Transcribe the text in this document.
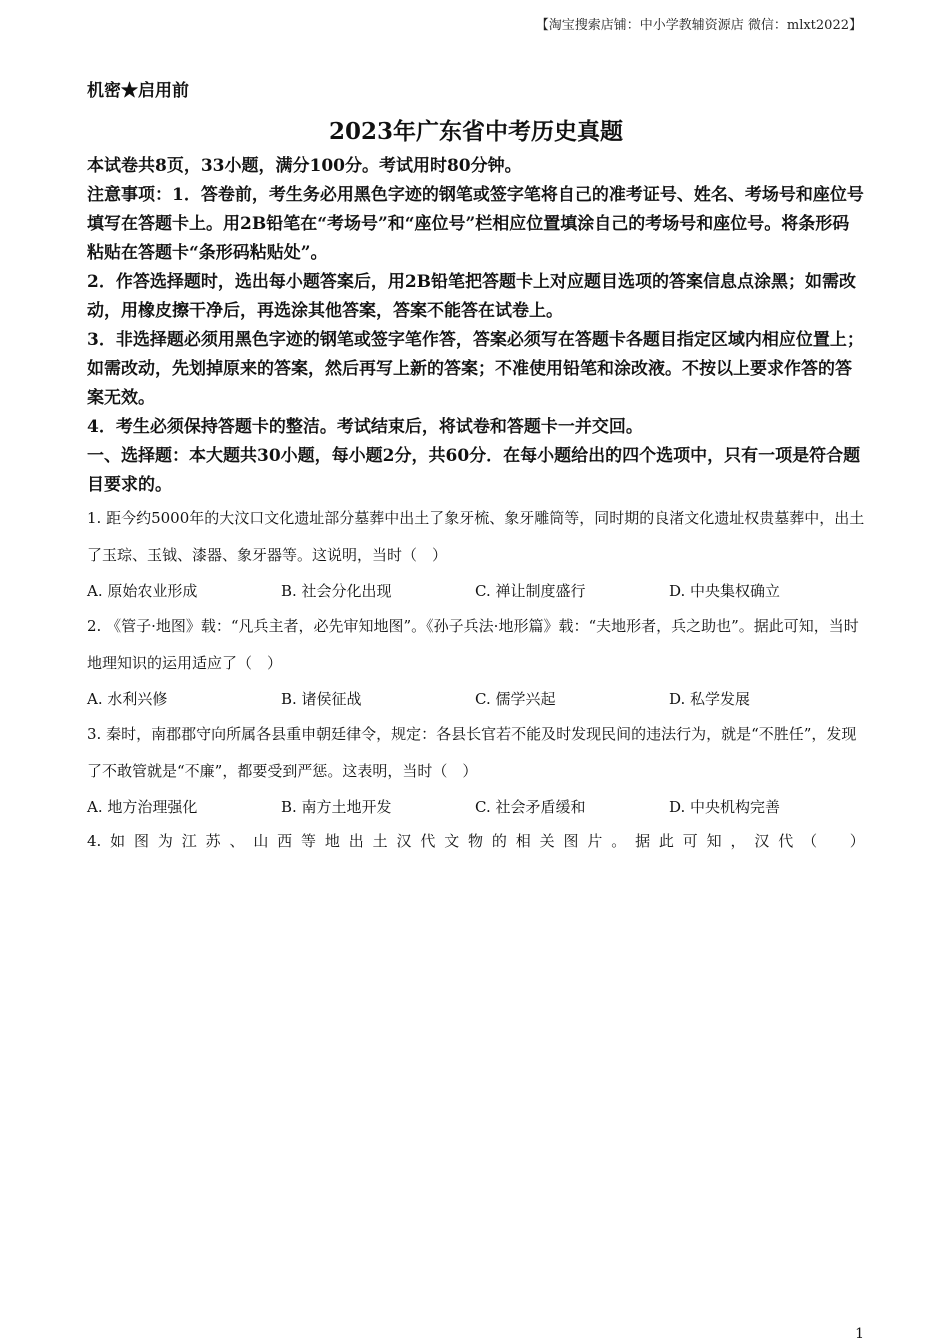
【淘宝搜索店铺：中小学教辅资源店 微信：mlxt2022】
机密★启用前
2023年广东省中考历史真题
本试卷共8页，33小题，满分100分。考试用时80分钟。
注意事项：1．答卷前，考生务必用黑色字迹的钢笔或签字笔将自己的准考证号、姓名、考场号和座位号填写在答题卡上。用2B铅笔在“考场号”和“座位号”栏相应位置填涂自己的考场号和座位号。将条形码粘贴在答题卡“条形码粘贴处”。
2．作答选择题时，选出每小题答案后，用2B铅笔把答题卡上对应题目选项的答案信息点涂黑；如需改动，用橡皮擦干净后，再选涂其他答案，答案不能答在试卷上。
3．非选择题必须用黑色字迹的钢笔或签字笔作答，答案必须写在答题卡各题目指定区域内相应位置上；如需改动，先划掉原来的答案，然后再写上新的答案；不准使用铅笔和涂改液。不按以上要求作答的答案无效。
4．考生必须保持答题卡的整洁。考试结束后，将试卷和答题卡一并交回。
一、选择题：本大题共30小题，每小题2分，共60分．在每小题给出的四个选项中，只有一项是符合题目要求的。
1. 距今约5000年的大汶口文化遗址部分墓葬中出土了象牙梳、象牙雕筒等，同时期的良渚文化遗址权贵墓葬中，出土了玉琮、玉钺、漆器、象牙器等。这说明，当时（　）
A. 原始农业形成	B. 社会分化出现	C. 禅让制度盛行	D. 中央集权确立
2. 《管子·地图》载：“凡兵主者，必先审知地图”。《孙子兵法·地形篇》载：“夫地形者，兵之助也”。据此可知，当时地理知识的运用适应了（　）
A. 水利兴修	B. 诸侯征战	C. 儒学兴起	D. 私学发展
3. 秦时，南郡郡守向所属各县重申朝廷律令，规定：各县长官若不能及时发现民间的违法行为，就是“不胜任”，发现了不敢管就是“不廉”，都要受到严惩。这表明，当时（　）
A. 地方治理强化	B. 南方土地开发	C. 社会矛盾缓和	D. 中央机构完善
4. 如 图 为 江 苏 、 山 西 等 地 出 土 汉 代 文 物 的 相 关 图 片 。 据 此 可 知 ， 汉 代 （
　 ）
1
